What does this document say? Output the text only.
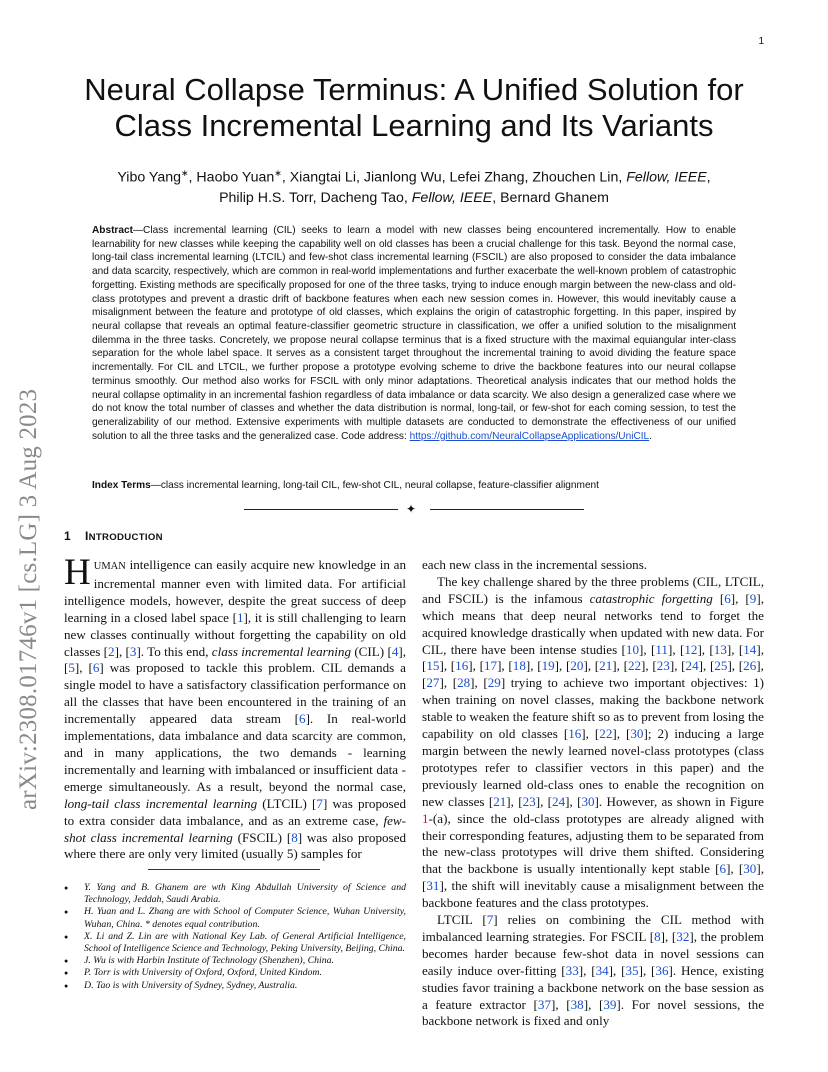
1
arXiv:2308.01746v1 [cs.LG] 3 Aug 2023
Neural Collapse Terminus: A Unified Solution for
Class Incremental Learning and Its Variants
Yibo Yang∗, Haobo Yuan∗, Xiangtai Li, Jianlong Wu, Lefei Zhang, Zhouchen Lin, Fellow, IEEE,
Philip H.S. Torr, Dacheng Tao, Fellow, IEEE, Bernard Ghanem
Abstract—Class incremental learning (CIL) seeks to learn a model with new classes being encountered incrementally. How to enable learnability for new classes while keeping the capability well on old classes has been a crucial challenge for this task. Beyond the normal case, long-tail class incremental learning (LTCIL) and few-shot class incremental learning (FSCIL) are also proposed to consider the data imbalance and data scarcity, respectively, which are common in real-world implementations and further exacerbate the well-known problem of catastrophic forgetting. Existing methods are specifically proposed for one of the three tasks, trying to induce enough margin between the new-class and old-class prototypes and prevent a drastic drift of backbone features when each new session comes in. However, this would inevitably cause a misalignment between the feature and prototype of old classes, which explains the origin of catastrophic forgetting. In this paper, inspired by neural collapse that reveals an optimal feature-classifier geometric structure in classification, we offer a unified solution to the misalignment dilemma in the three tasks. Concretely, we propose neural collapse terminus that is a fixed structure with the maximal equiangular inter-class separation for the whole label space. It serves as a consistent target throughout the incremental training to avoid dividing the feature space incrementally. For CIL and LTCIL, we further propose a prototype evolving scheme to drive the backbone features into our neural collapse terminus smoothly. Our method also works for FSCIL with only minor adaptations. Theoretical analysis indicates that our method holds the neural collapse optimality in an incremental fashion regardless of data imbalance or data scarcity. We also design a generalized case where we do not know the total number of classes and whether the data distribution is normal, long-tail, or few-shot for each coming session, to test the generalizability of our method. Extensive experiments with multiple datasets are conducted to demonstrate the effectiveness of our unified solution to all the three tasks and the generalized case. Code address: https://github.com/NeuralCollapseApplications/UniCIL.
Index Terms—class incremental learning, long-tail CIL, few-shot CIL, neural collapse, feature-classifier alignment
✦
1 INTRODUCTION

HUMAN intelligence can easily acquire new knowledge in an incremental manner even with limited data. For artificial intelligence models, however, despite the great success of deep learning in a closed label space [1], it is still challenging to learn new classes continually without forgetting the capability on old classes [2], [3]. To this end, class incremental learning (CIL) [4], [5], [6] was proposed to tackle this problem. CIL demands a single model to have a satisfactory classification performance on all the classes that have been encountered in the training of an incrementally appeared data stream [6]. In real-world implementations, data imbalance and data scarcity are common, and in many applications, the two demands - learning incrementally and learning with imbalanced or insufficient data - emerge simultaneously. As a result, beyond the normal case, long-tail class incremental learning (LTCIL) [7] was proposed to extra consider data imbalance, and as an extreme case, few-shot class incremental learning (FSCIL) [8] was also proposed where there are only very limited (usually 5) samples for

● Y. Yang and B. Ghanem are wth King Abdullah University of Science and Technology, Jeddah, Saudi Arabia.
● H. Yuan and L. Zhang are with School of Computer Science, Wuhan University, Wuhan, China. * denotes equal contribution.
● X. Li and Z. Lin are with National Key Lab. of General Artificial Intelligence, School of Intelligence Science and Technology, Peking University, Beijing, China.
● J. Wu is with Harbin Institute of Technology (Shenzhen), China.
● P. Torr is with University of Oxford, Oxford, United Kindom.
● D. Tao is with University of Sydney, Sydney, Australia.

each new class in the incremental sessions.

The key challenge shared by the three problems (CIL, LTCIL, and FSCIL) is the infamous catastrophic forgetting [6], [9], which means that deep neural networks tend to forget the acquired knowledge drastically when updated with new data. For CIL, there have been intense studies [10], [11], [12], [13], [14], [15], [16], [17], [18], [19], [20], [21], [22], [23], [24], [25], [26], [27], [28], [29] trying to achieve two important objectives: 1) when training on novel classes, making the backbone network stable to weaken the feature shift so as to prevent from losing the capability on old classes [16], [22], [30]; 2) inducing a large margin between the newly learned novel-class prototypes (class prototypes refer to classifier vectors in this paper) and the previously learned old-class ones to enable the recognition on new classes [21], [23], [24], [30]. However, as shown in Figure 1-(a), since the old-class prototypes are already aligned with their corresponding features, adjusting them to be separated from the new-class prototypes will drive them shifted. Considering that the backbone is usually intentionally kept stable [6], [30], [31], the shift will inevitably cause a misalignment between the backbone features and the class prototypes.

LTCIL [7] relies on combining the CIL method with imbalanced learning strategies. For FSCIL [8], [32], the problem becomes harder because few-shot data in novel sessions can easily induce over-fitting [33], [34], [35], [36]. Hence, existing studies favor training a backbone network on the base session as a feature extractor [37], [38], [39]. For novel sessions, the backbone network is fixed and only
